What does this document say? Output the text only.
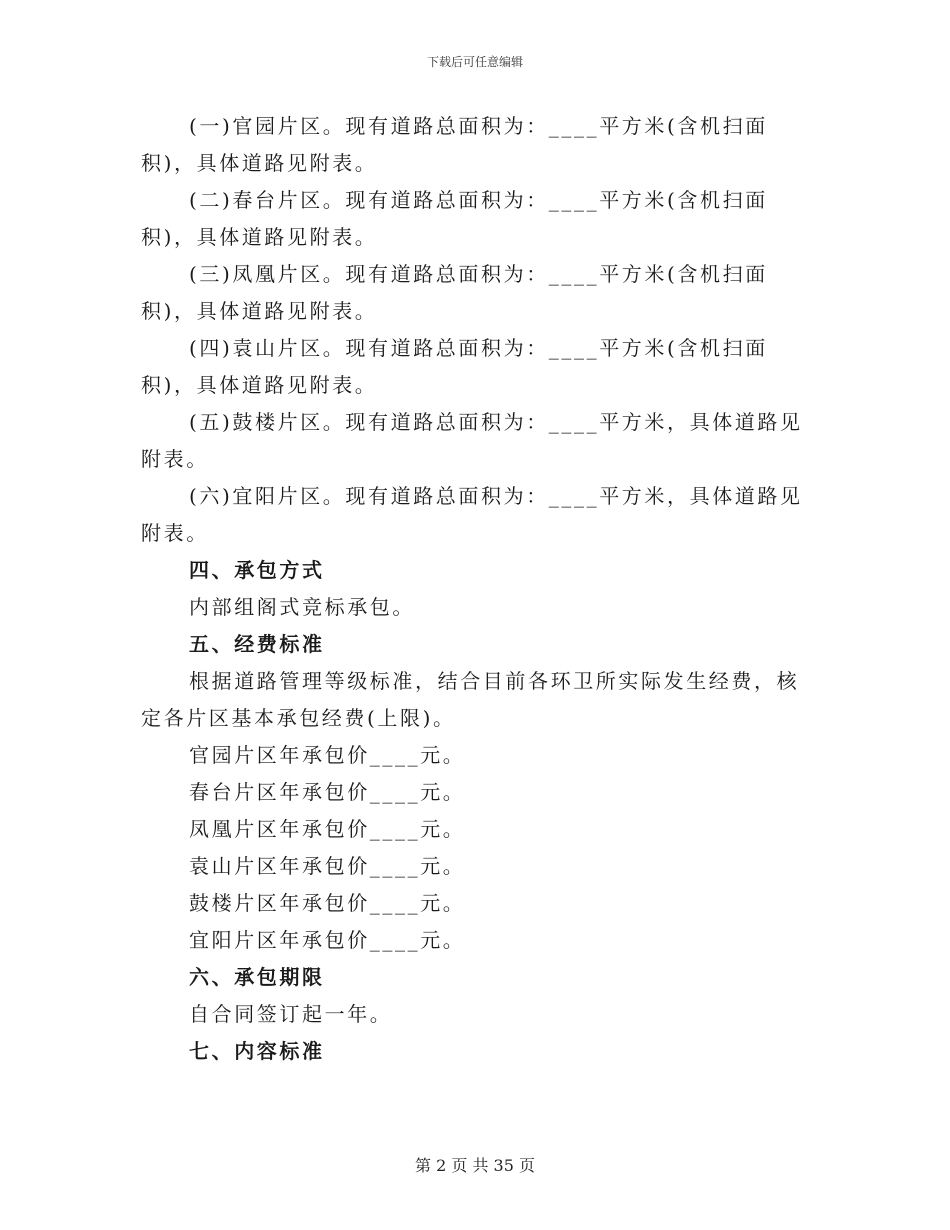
下载后可任意编辑

(一)官园片区。现有道路总面积为：____平方米(含机扫面积)，具体道路见附表。

(二)春台片区。现有道路总面积为：____平方米(含机扫面积)，具体道路见附表。

(三)凤凰片区。现有道路总面积为：____平方米(含机扫面积)，具体道路见附表。

(四)袁山片区。现有道路总面积为：____平方米(含机扫面积)，具体道路见附表。

(五)鼓楼片区。现有道路总面积为：____平方米，具体道路见附表。

(六)宜阳片区。现有道路总面积为：____平方米，具体道路见附表。

四、承包方式

内部组阁式竞标承包。

五、经费标准

根据道路管理等级标准，结合目前各环卫所实际发生经费，核定各片区基本承包经费(上限)。

官园片区年承包价____元。

春台片区年承包价____元。

凤凰片区年承包价____元。

袁山片区年承包价____元。

鼓楼片区年承包价____元。

宜阳片区年承包价____元。

六、承包期限

自合同签订起一年。

七、内容标准

第 2 页 共 35 页
